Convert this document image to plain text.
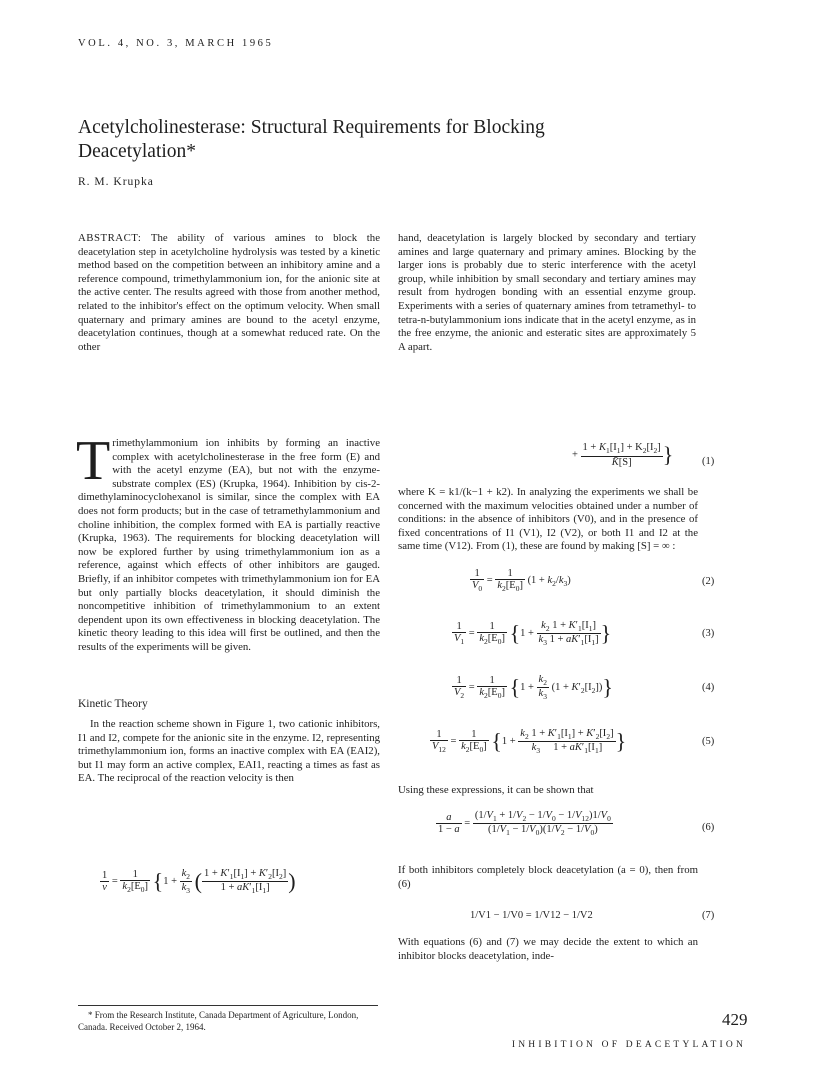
VOL. 4, NO. 3, MARCH 1965
Acetylcholinesterase: Structural Requirements for Blocking Deacetylation*
R. M. Krupka

ABSTRACT: The ability of various amines to block the deacetylation step in acetylcholine hydrolysis was tested by a kinetic method based on the competition between an inhibitory amine and a reference compound, trimethylammonium ion, for the anionic site at the active center. The results agreed with those from another method, related to the inhibitor's effect on the optimum velocity. When small quaternary and primary amines are bound to the acetyl enzyme, deacetylation continues, though at a somewhat reduced rate. On the other

hand, deacetylation is largely blocked by secondary and tertiary amines and large quaternary and primary amines. Blocking by the larger ions is probably due to steric interference with the acetyl group, while inhibition by small secondary and tertiary amines may result from hydrogen bonding with an essential enzyme group. Experiments with a series of quaternary amines from tetramethyl- to tetra-n-butylammonium ions indicate that in the acetyl enzyme, as in the free enzyme, the anionic and esteratic sites are approximately 5 A apart.

T rimethylammonium ion inhibits by forming an inactive complex with acetylcholinesterase in the free form (E) and with the acetyl enzyme (EA), but not with the enzyme-substrate complex (ES) (Krupka, 1964). Inhibition by cis-2-dimethylaminocyclohexanol is similar, since the complex with EA does not form products; but in the case of tetramethylammonium and choline inhibition, the complex formed with EA is partially reactive (Krupka, 1963). The requirements for blocking deacetylation will now be explored further by using trimethylammonium ion as a reference, against which effects of other inhibitors are gauged. Briefly, if an inhibitor competes with trimethylammonium ion for EA but only partially blocks deacetylation, it should diminish the noncompetitive inhibition of trimethylammonium to an extent dependent upon its own effectiveness in blocking deacetylation. The kinetic theory leading to this idea will first be outlined, and then the results of the experiments will be given.
Kinetic Theory
In the reaction scheme shown in Figure 1, two cationic inhibitors, I1 and I2, compete for the anionic site in the enzyme. I2, representing trimethylammonium ion, forms an inactive complex with EA (EAI2), but I1 may form an active complex, EAI1, reacting a times as fast as EA. The reciprocal of the reaction velocity is then
$\frac{1}{v} = \frac{1}{k_2[E_0]} \{1 + \frac{k_2}{k_3}$ ( $\frac{1 + K'_1[I_1] + K'_2[I_2]}{1 + aK'_1[I_1]}$ )
+ $\frac{1 + K_1[I_1] + K_2[I_2]}{K̄[S]}$ }	(1)
where K = k1/(k−1 + k2). In analyzing the experiments we shall be concerned with the maximum velocities obtained under a number of conditions: in the absence of inhibitors (V0), and in the presence of fixed concentrations of I1 (V1), I2 (V2), or both I1 and I2 at the same time (V12). From (1), these are found by making [S] = ∞ :
$\frac{1}{V_0} = \frac{1}{k_2[E_0]} (1 + k_2/k_3)$	(2)
$\frac{1}{V_1} = \frac{1}{k_2[E_0]} \{1 + \frac{k_2 1 + K'_1[I_1]}{k_3 1 + aK'_1[I_1]}$ }	(3)
$\frac{1}{V_2} = \frac{1}{k_2[E_0]} \{1 + \frac{k_2}{k_3} (1 + K'_2[I_2])\}$	(4)
$\frac{1}{V_{12}} = \frac{1}{k_2[E_0]} \{1 + \frac{k_2 1 + K'_1[I_1] + K'_2[I_2]}{k_3 1 + aK'_1[I_1]}$ }	(5)
Using these expressions, it can be shown that
$\frac{a}{1 - a} = \frac{(1/V_1 + 1/V_2 - 1/V_0 - 1/V_{12})1/V_0}{(1/V_1 - 1/V_0)(1/V_2 - 1/V_0)}$	(6)
If both inhibitors completely block deacetylation (a = 0), then from (6)
1/V1 − 1/V0 = 1/V12 − 1/V2	(7)
With equations (6) and (7) we may decide the extent to which an inhibitor blocks deacetylation, inde-
* From the Research Institute, Canada Department of Agriculture, London, Canada. Received October 2, 1964.	429
INHIBITION OF DEACETYLATION
